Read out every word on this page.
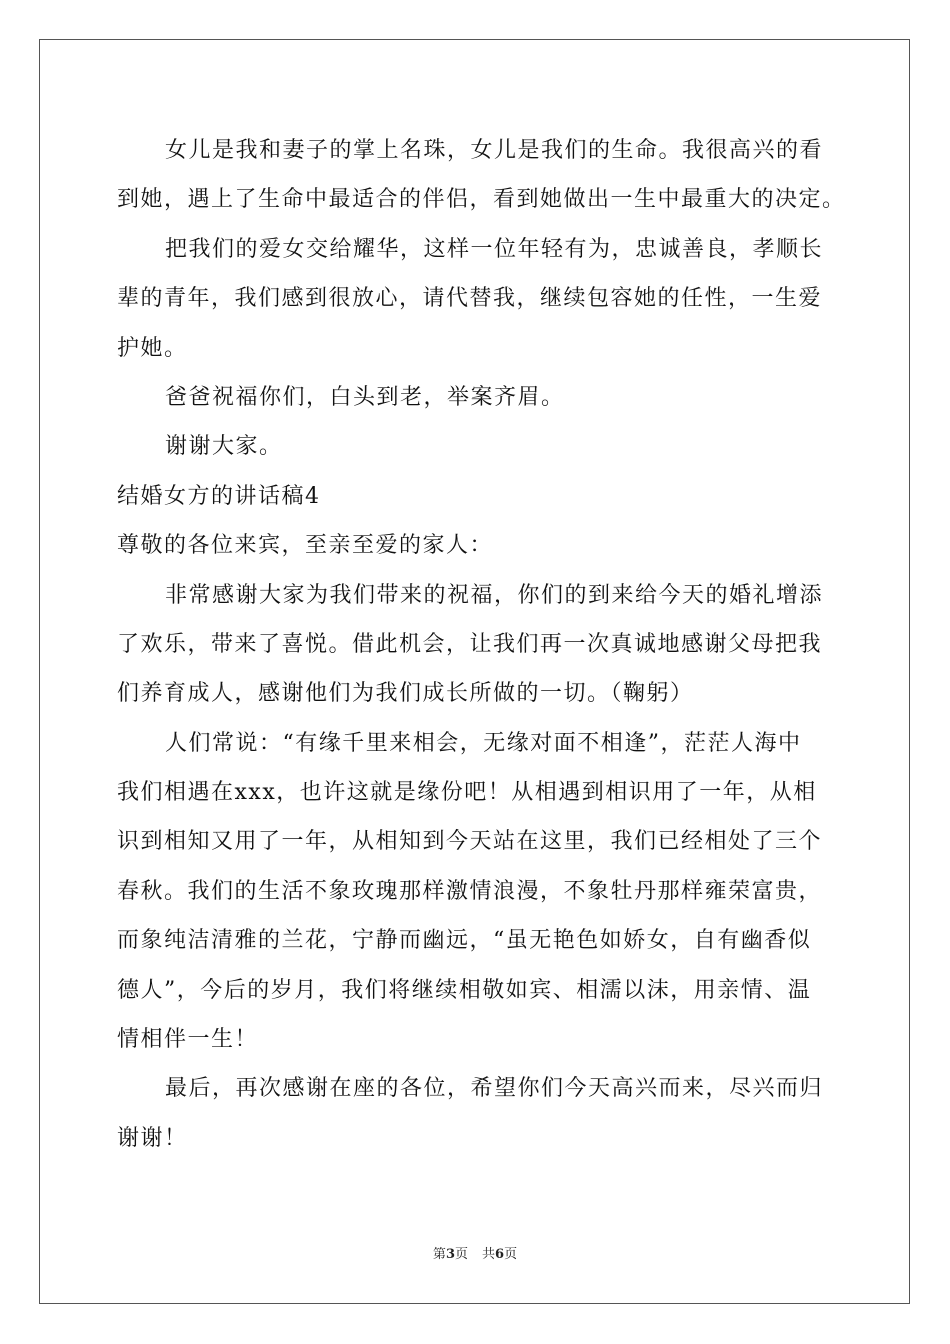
女儿是我和妻子的掌上名珠，女儿是我们的生命。我很高兴的看
到她，遇上了生命中最适合的伴侣，看到她做出一生中最重大的决定。
把我们的爱女交给耀华，这样一位年轻有为，忠诚善良，孝顺长
辈的青年，我们感到很放心，请代替我，继续包容她的任性，一生爱
护她。
爸爸祝福你们，白头到老，举案齐眉。
谢谢大家。
结婚女方的讲话稿4
尊敬的各位来宾，至亲至爱的家人：
非常感谢大家为我们带来的祝福，你们的到来给今天的婚礼增添
了欢乐，带来了喜悦。借此机会，让我们再一次真诚地感谢父母把我
们养育成人，感谢他们为我们成长所做的一切。（鞠躬）
人们常说：“有缘千里来相会，无缘对面不相逢”，茫茫人海中
我们相遇在xxx，也许这就是缘份吧！从相遇到相识用了一年，从相
识到相知又用了一年，从相知到今天站在这里，我们已经相处了三个
春秋。我们的生活不象玫瑰那样激情浪漫，不象牡丹那样雍荣富贵，
而象纯洁清雅的兰花，宁静而幽远，“虽无艳色如娇女，自有幽香似
德人”，今后的岁月，我们将继续相敬如宾、相濡以沫，用亲情、温
情相伴一生！
最后，再次感谢在座的各位，希望你们今天高兴而来，尽兴而归
谢谢！
第3页 共6页
